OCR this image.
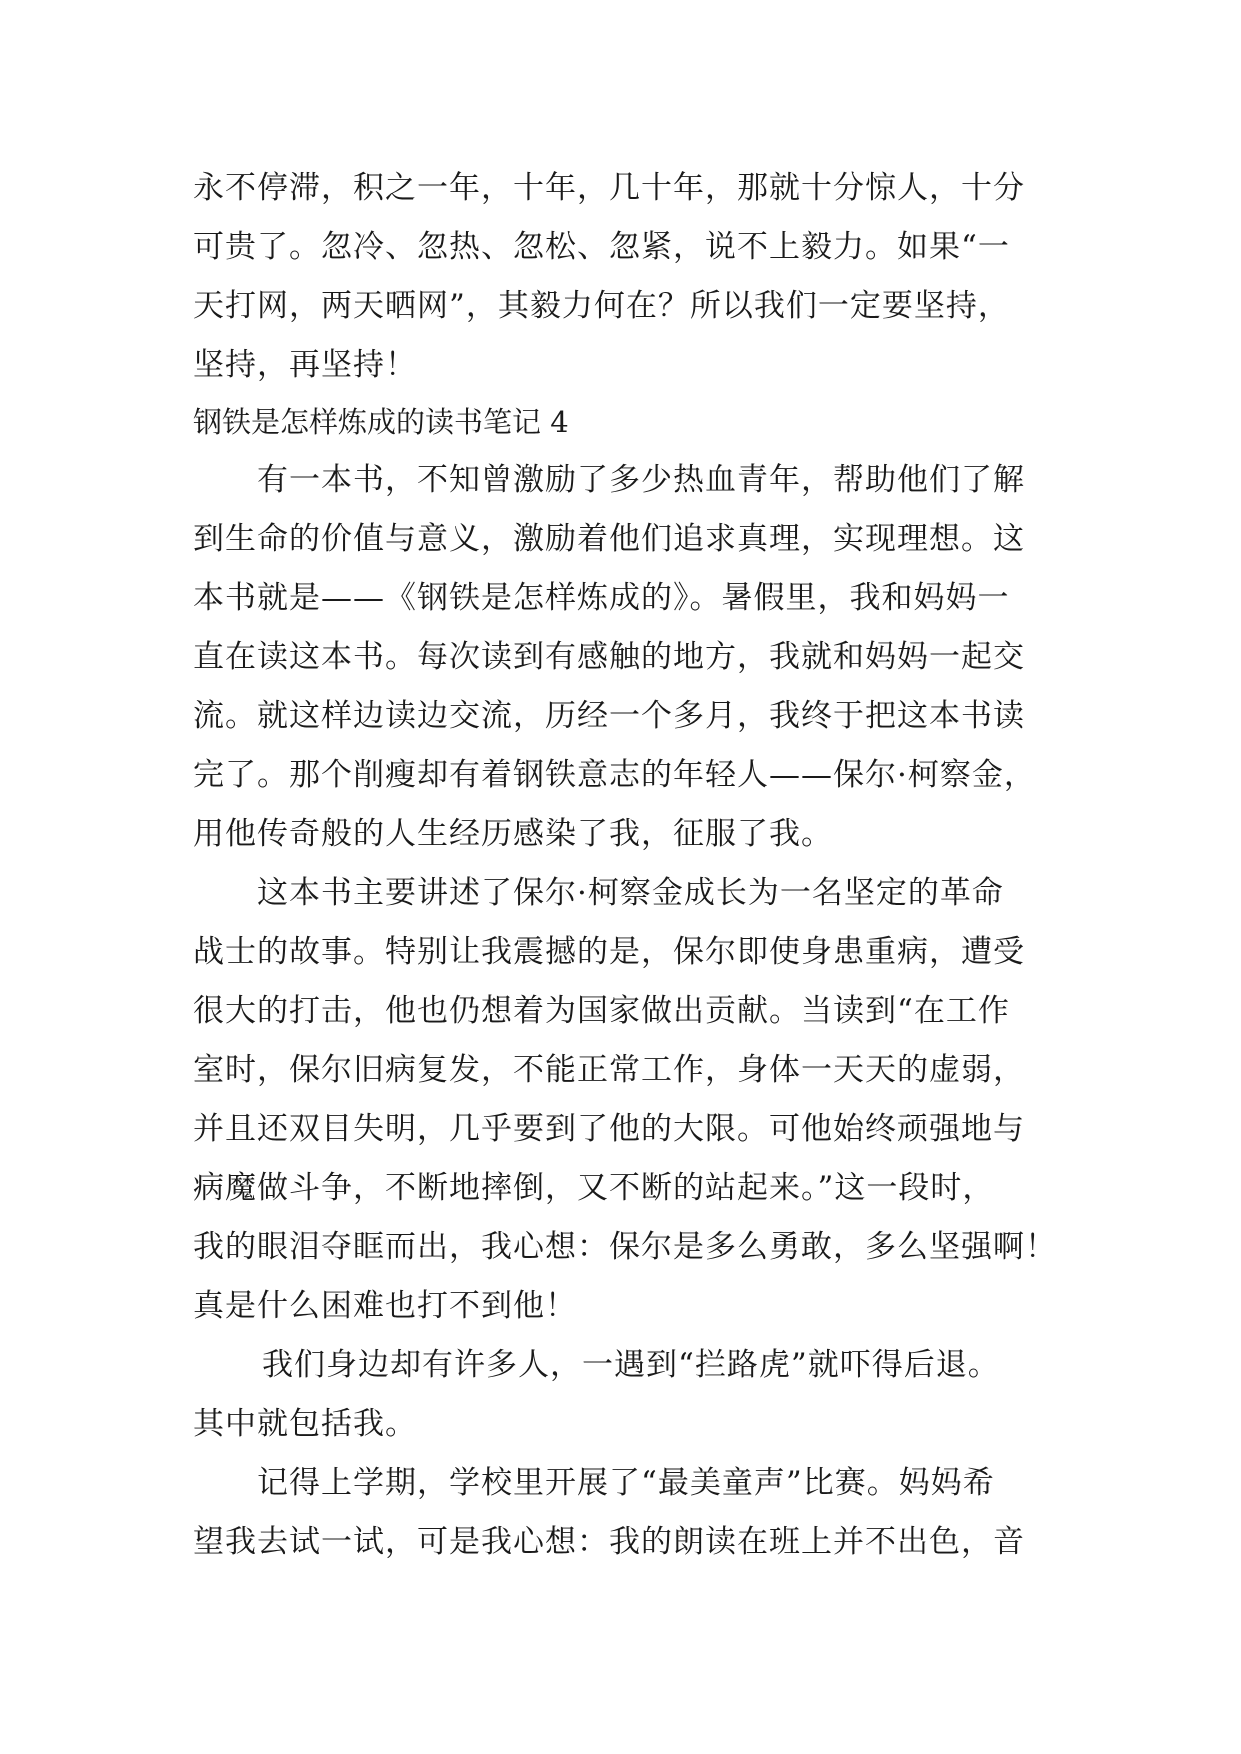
永不停滞，积之一年，十年，几十年，那就十分惊人，十分
可贵了。忽冷、忽热、忽松、忽紧，说不上毅力。如果“一
天打网，两天晒网”，其毅力何在？所以我们一定要坚持，
坚持，再坚持！
钢铁是怎样炼成的读书笔记 4
有一本书，不知曾激励了多少热血青年，帮助他们了解
到生命的价值与意义，激励着他们追求真理，实现理想。这
本书就是——《钢铁是怎样炼成的》。暑假里，我和妈妈一
直在读这本书。每次读到有感触的地方，我就和妈妈一起交
流。就这样边读边交流，历经一个多月，我终于把这本书读
完了。那个削瘦却有着钢铁意志的年轻人——保尔·柯察金，
用他传奇般的人生经历感染了我，征服了我。
这本书主要讲述了保尔·柯察金成长为一名坚定的革命
战士的故事。特别让我震撼的是，保尔即使身患重病，遭受
很大的打击，他也仍想着为国家做出贡献。当读到“在工作
室时，保尔旧病复发，不能正常工作，身体一天天的虚弱，
并且还双目失明，几乎要到了他的大限。可他始终顽强地与
病魔做斗争，不断地摔倒，又不断的站起来。”这一段时，
我的眼泪夺眶而出，我心想：保尔是多么勇敢，多么坚强啊！
真是什么困难也打不到他！
我们身边却有许多人，一遇到“拦路虎”就吓得后退。
其中就包括我。
记得上学期，学校里开展了“最美童声”比赛。妈妈希
望我去试一试，可是我心想：我的朗读在班上并不出色，音
